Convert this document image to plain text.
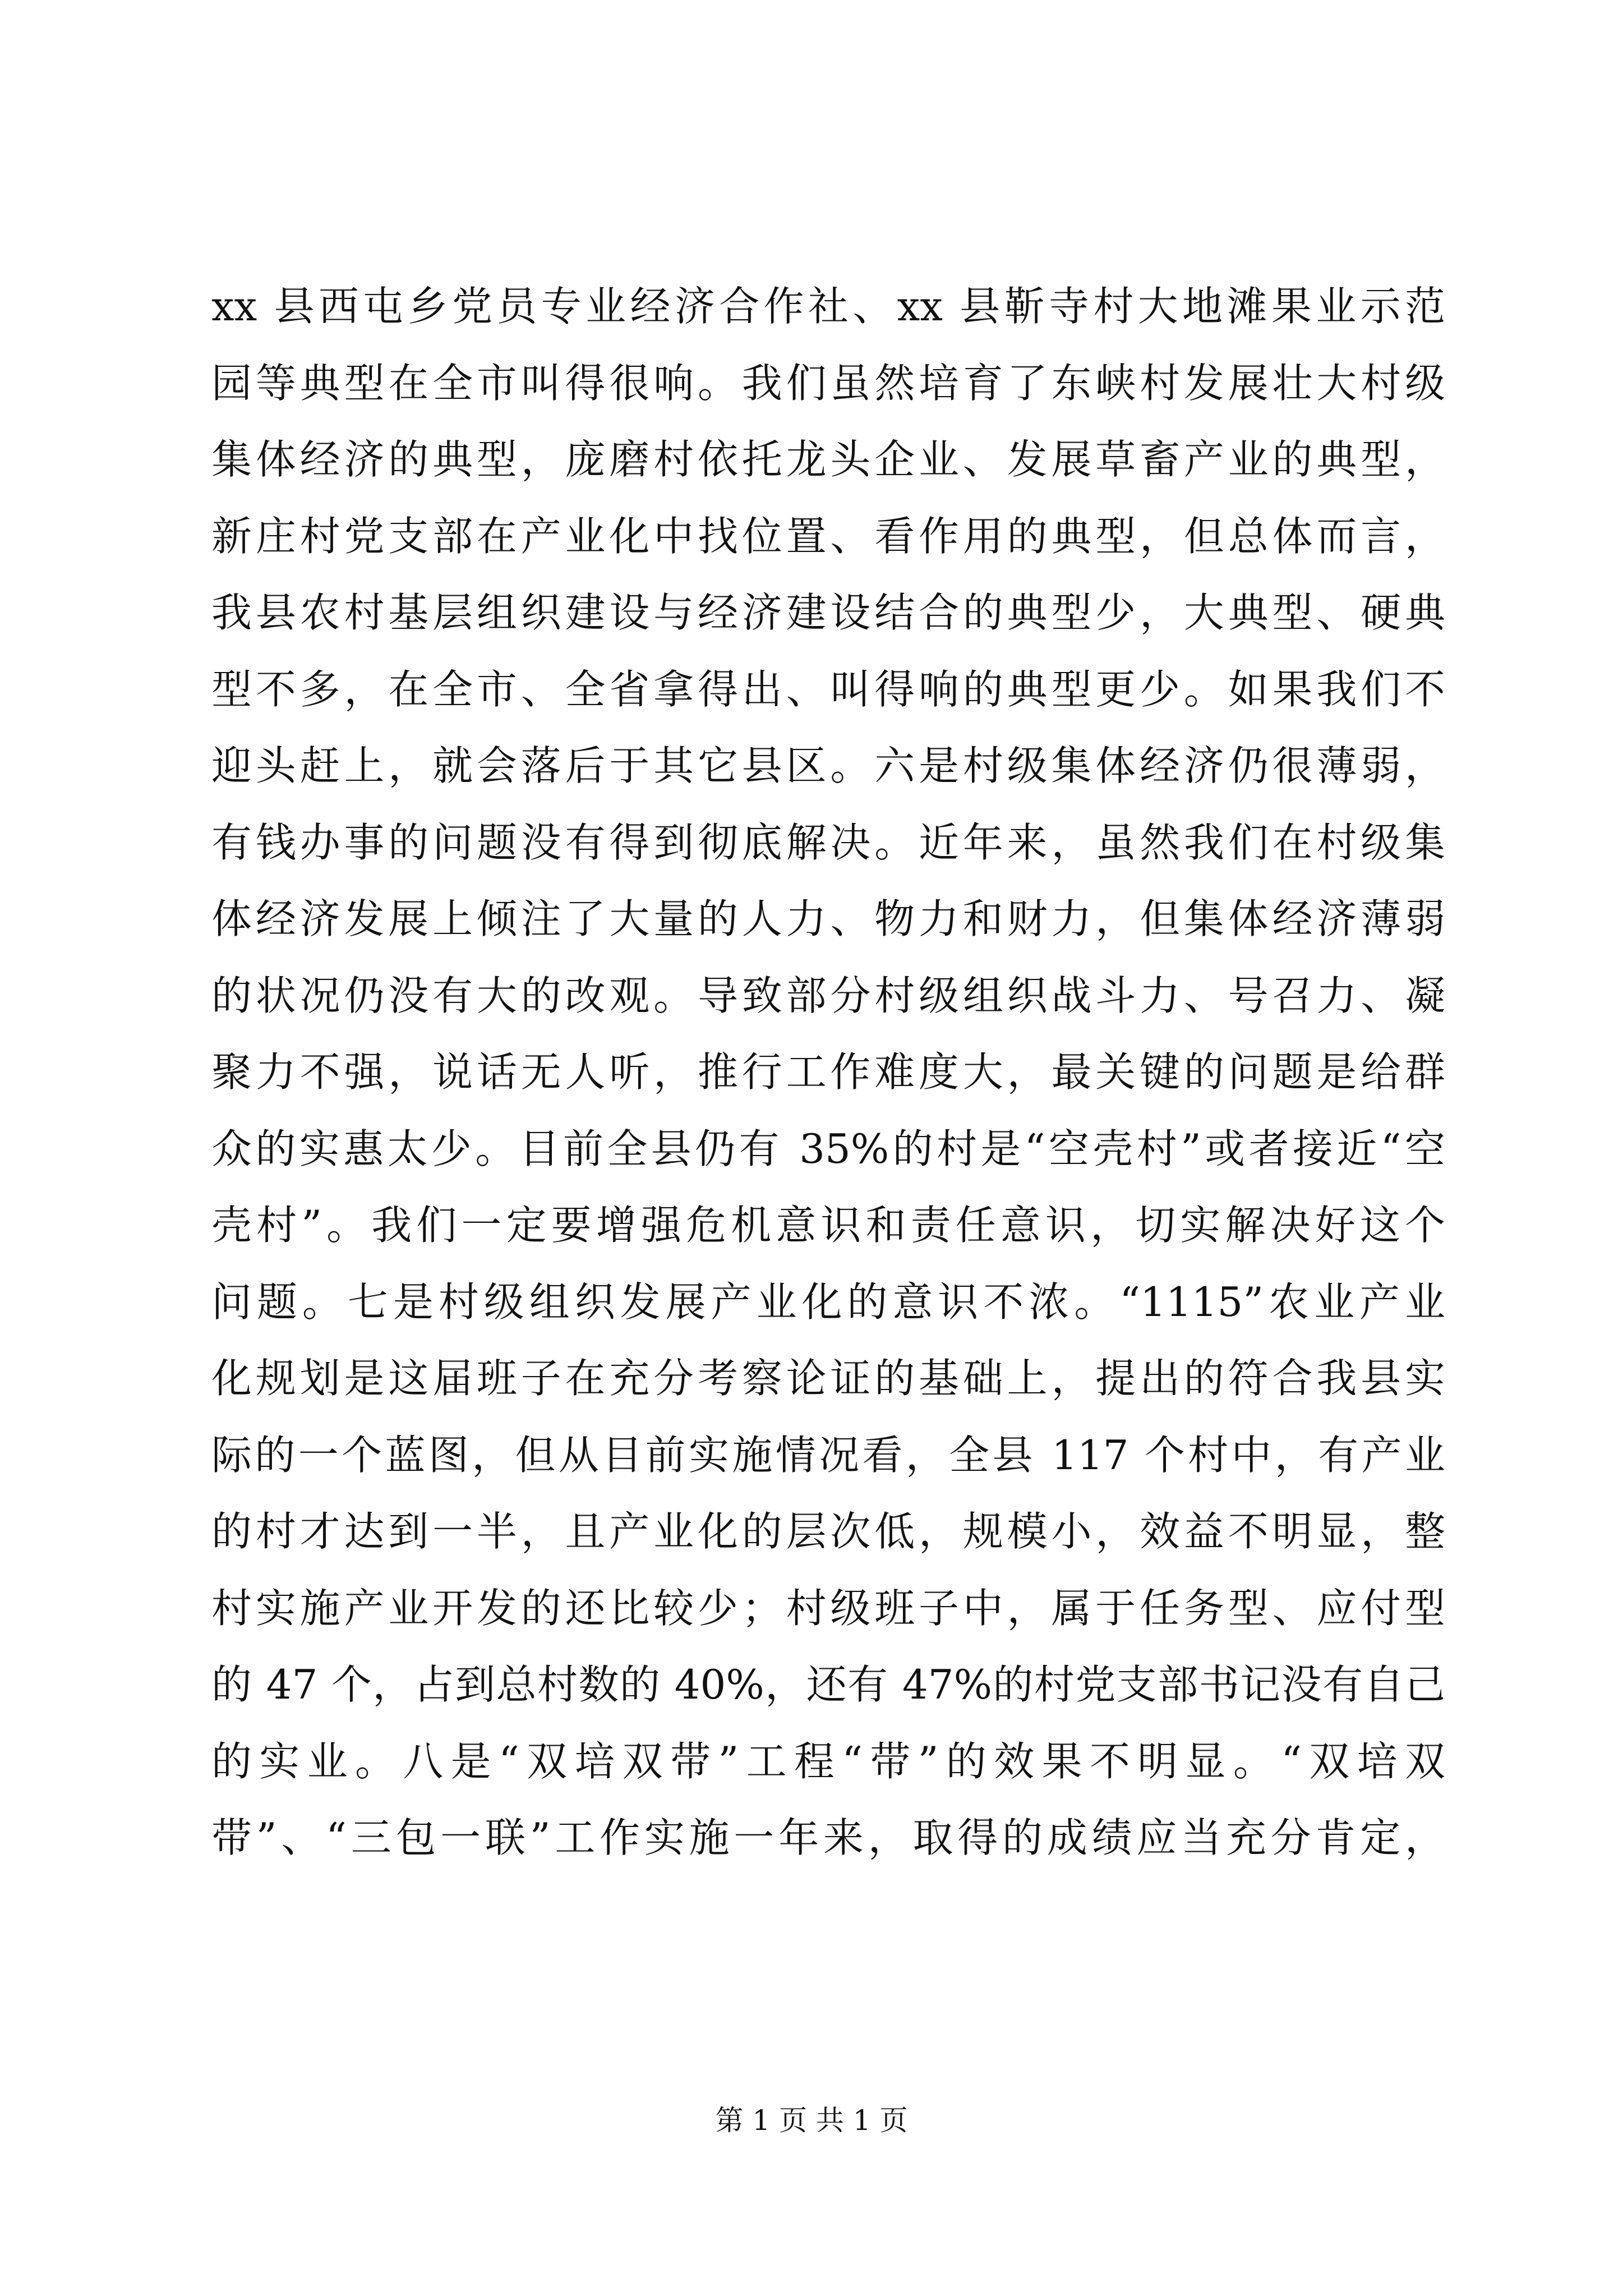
xx 县西屯乡党员专业经济合作社、xx 县靳寺村大地滩果业示范
园等典型在全市叫得很响。我们虽然培育了东峡村发展壮大村级
集体经济的典型，庞磨村依托龙头企业、发展草畜产业的典型，
新庄村党支部在产业化中找位置、看作用的典型，但总体而言，
我县农村基层组织建设与经济建设结合的典型少，大典型、硬典
型不多，在全市、全省拿得出、叫得响的典型更少。如果我们不
迎头赶上，就会落后于其它县区。六是村级集体经济仍很薄弱，
有钱办事的问题没有得到彻底解决。近年来，虽然我们在村级集
体经济发展上倾注了大量的人力、物力和财力，但集体经济薄弱
的状况仍没有大的改观。导致部分村级组织战斗力、号召力、凝
聚力不强，说话无人听，推行工作难度大，最关键的问题是给群
众的实惠太少。目前全县仍有 35%的村是“空壳村”或者接近“空
壳村”。我们一定要增强危机意识和责任意识，切实解决好这个
问题。七是村级组织发展产业化的意识不浓。“1115”农业产业
化规划是这届班子在充分考察论证的基础上，提出的符合我县实
际的一个蓝图，但从目前实施情况看，全县 117 个村中，有产业
的村才达到一半，且产业化的层次低，规模小，效益不明显，整
村实施产业开发的还比较少；村级班子中，属于任务型、应付型
的 47 个，占到总村数的 40%，还有 47%的村党支部书记没有自己
的实业。八是“双培双带”工程“带”的效果不明显。“双培双
带”、“三包一联”工作实施一年来，取得的成绩应当充分肯定，
第 1 页 共 1 页
